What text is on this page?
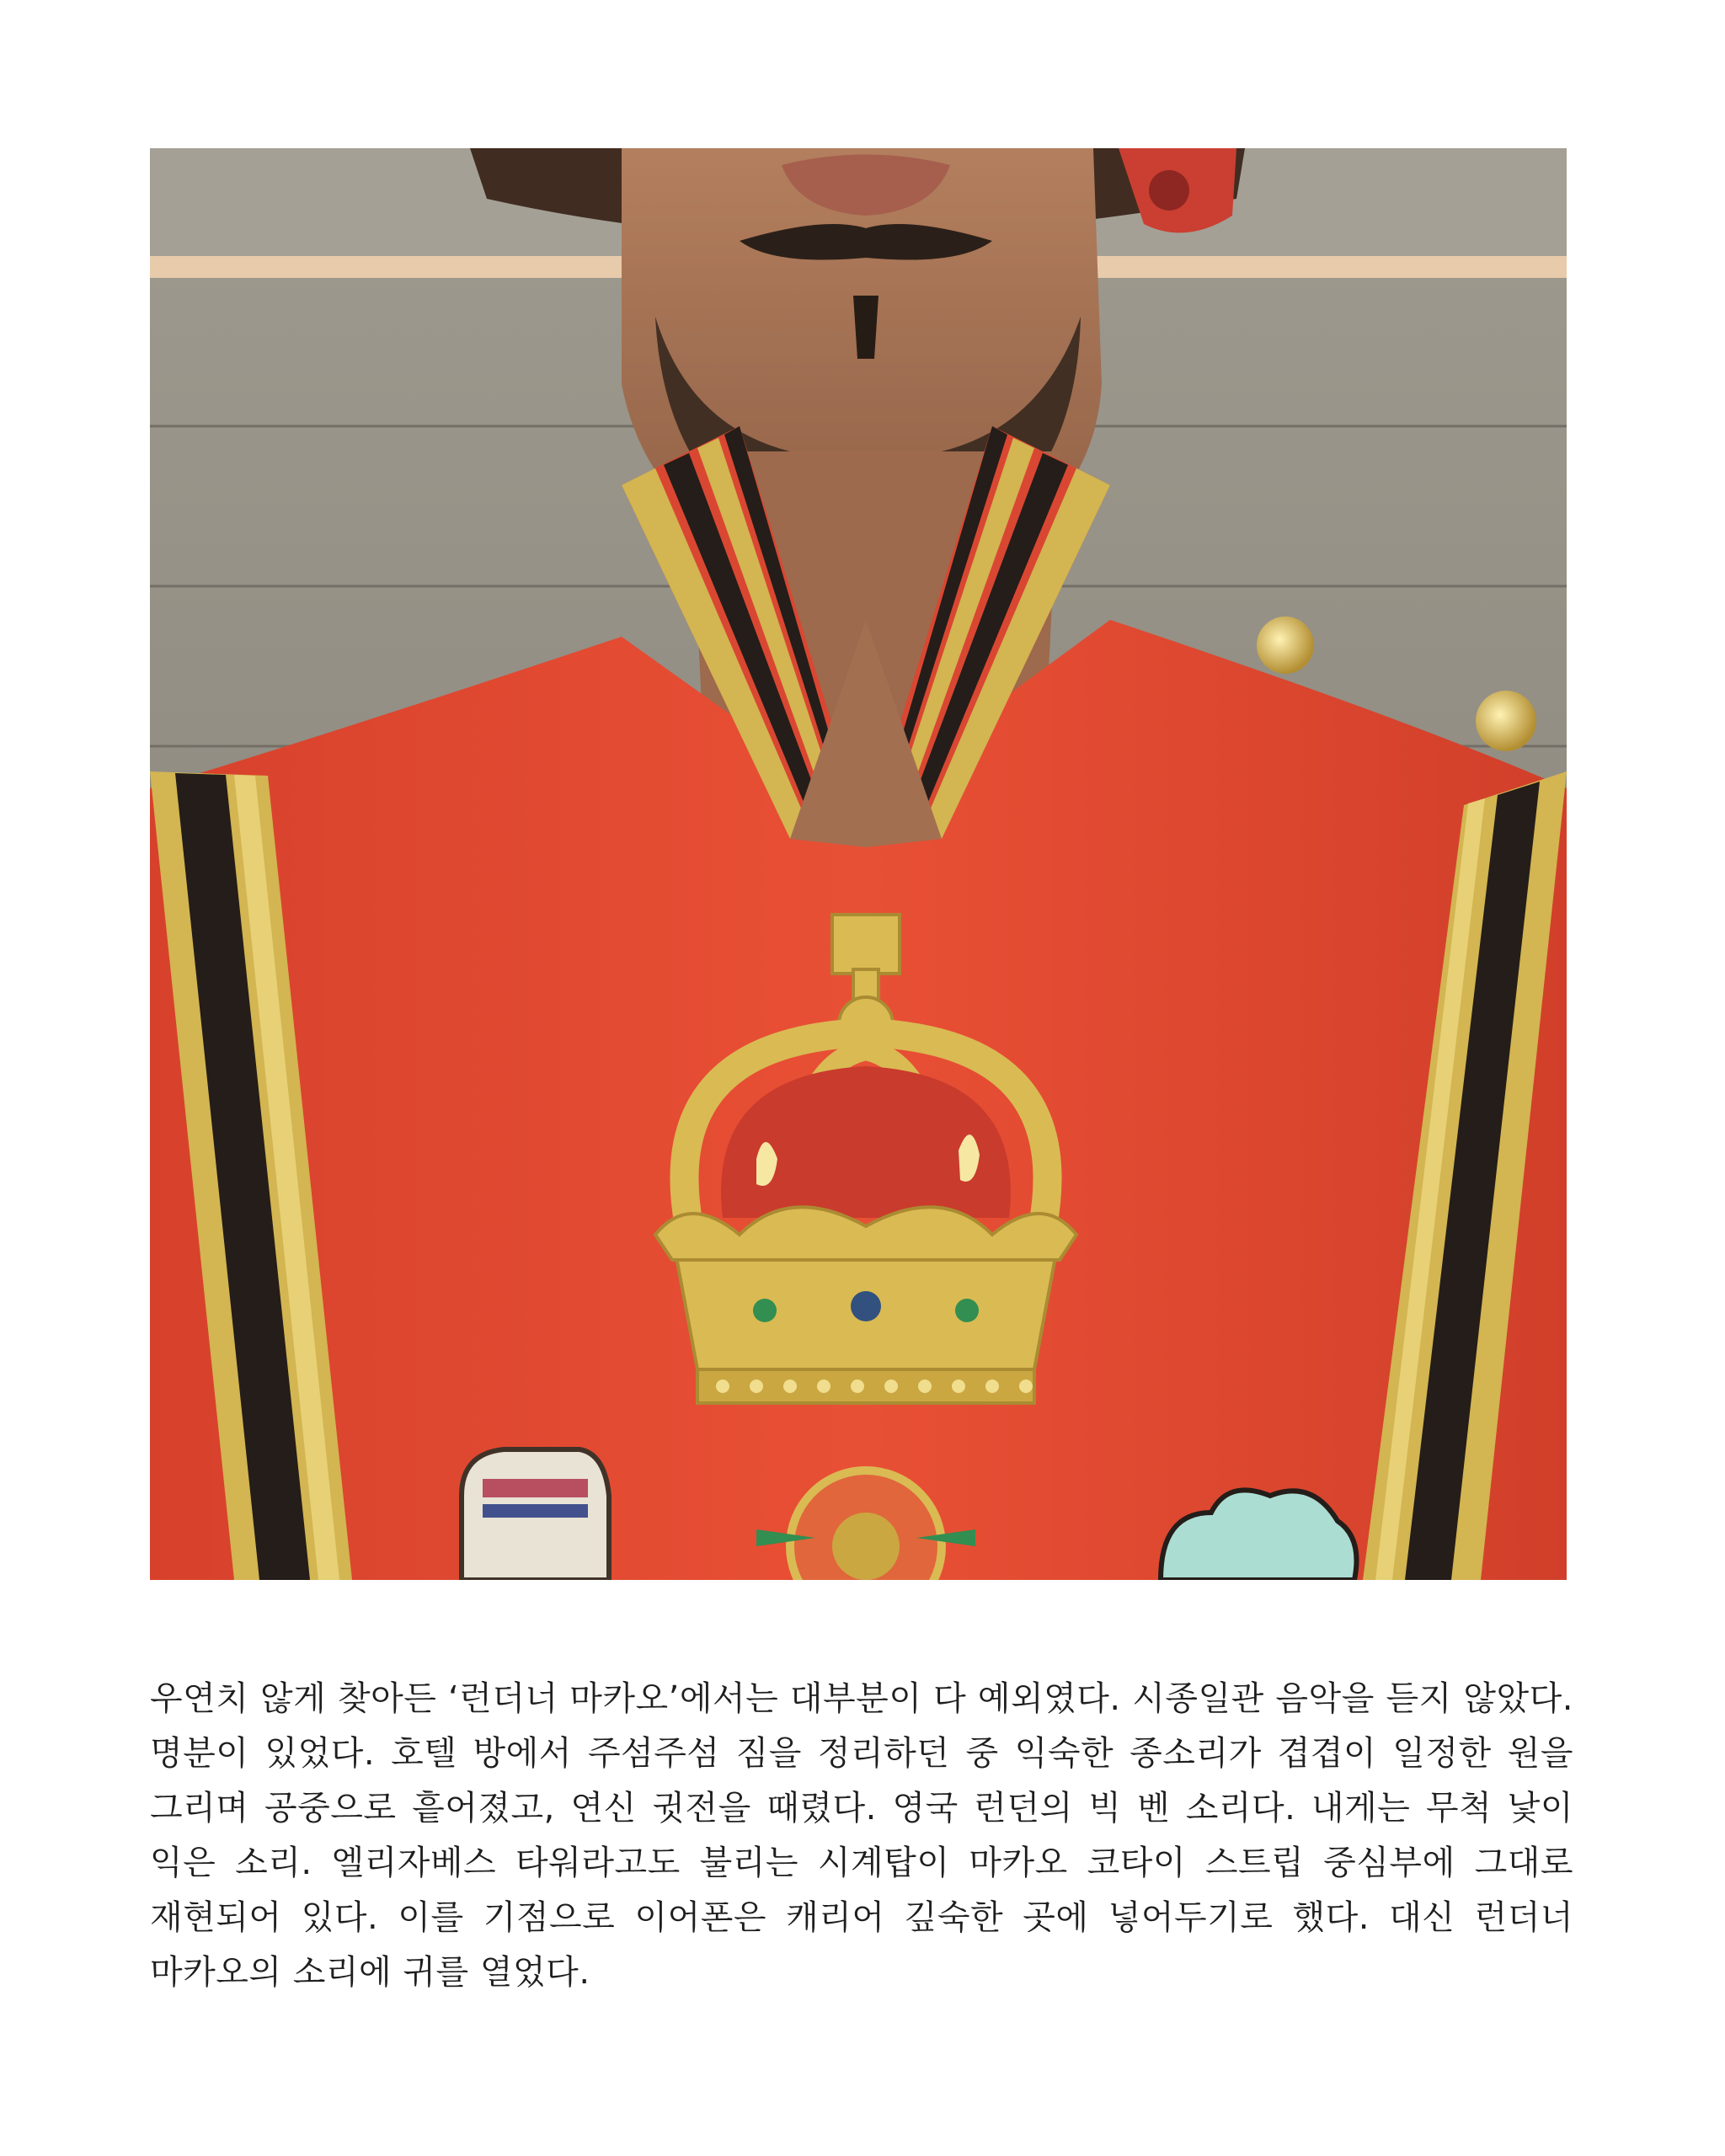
우연치 않게 찾아든 ‘런더너 마카오’에서는 대부분이 다 예외였다. 시종일관 음악을 듣지 않았다. 명분이 있었다. 호텔 방에서 주섬주섬 짐을 정리하던 중 익숙한 종소리가 겹겹이 일정한 원을 그리며 공중으로 흩어졌고, 연신 귓전을 때렸다. 영국 런던의 빅 벤 소리다. 내게는 무척 낯이 익은 소리. 엘리자베스 타워라고도 불리는 시계탑이 마카오 코타이 스트립 중심부에 그대로 재현되어 있다. 이를 기점으로 이어폰은 캐리어 깊숙한 곳에 넣어두기로 했다. 대신 런더너 마카오의 소리에 귀를 열었다.
